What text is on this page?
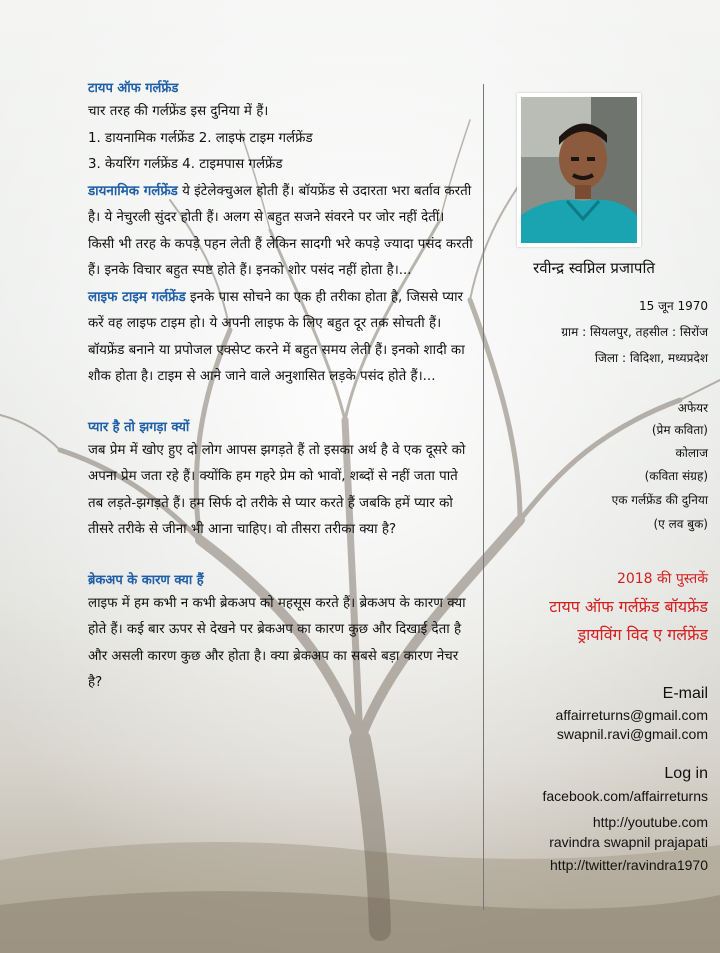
टायप ऑफ गर्लफ्रेंड

चार तरह की गर्लफ्रेंड इस दुनिया में हैं।

1. डायनामिक गर्लफ्रेंड 2. लाइफ टाइम गर्लफ्रेंड

3. केयरिंग गर्लफ्रेंड 4. टाइमपास गर्लफ्रेंड

डायनामिक गर्लफ्रेंड ये इंटेलेक्चुअल होती हैं। बॉयफ्रेंड से उदारता भरा बर्ताव करती है। ये नेचुरली सुंदर होती हैं। अलग से बहुत सजने संवरने पर जोर नहीं देतीं। किसी भी तरह के कपड़े पहन लेती हैं लेकिन सादगी भरे कपड़े ज्यादा पसंद करती हैं। इनके विचार बहुत स्पष्ट होते हैं। इनको शोर पसंद नहीं होता है।...

लाइफ टाइम गर्लफ्रेंड इनके पास सोचने का एक ही तरीका होता है, जिससे प्यार करें वह लाइफ टाइम हो। ये अपनी लाइफ के लिए बहुत दूर तक सोचती हैं। बॉयफ्रेंड बनाने या प्रपोजल एक्सेप्ट करने में बहुत समय लेती हैं। इनको शादी का शौक होता है। टाइम से आने जाने वाले अनुशासित लड़के पसंद होते हैं।...

प्यार है तो झगड़ा क्यों

जब प्रेम में खोए हुए दो लोग आपस झगड़ते हैं तो इसका अर्थ है वे एक दूसरे को अपना प्रेम जता रहे हैं। क्योंकि हम गहरे प्रेम को भावों, शब्दों से नहीं जता पाते तब लड़ते-झगड़ते हैं। हम सिर्फ दो तरीके से प्यार करते हैं जबकि हमें प्यार को तीसरे तरीके से जीना भी आना चाहिए। वो तीसरा तरीका क्या है?

ब्रेकअप के कारण क्या हैं

लाइफ में हम कभी न कभी ब्रेकअप को महसूस करते हैं। ब्रेकअप के कारण क्या होते हैं। कई बार ऊपर से देखने पर ब्रेकअप का कारण कुछ और दिखाई देता है और असली कारण कुछ और होता है। क्या ब्रेकअप का सबसे बड़ा कारण नेचर है?

रवीन्द्र स्वप्निल प्रजापति
15 जून 1970
ग्राम : सियलपुर, तहसील : सिरोंज
जिला : विदिशा, मध्यप्रदेश
अफेयर
(प्रेम कविता)
कोलाज
(कविता संग्रह)
एक गर्लफ्रेंड की दुनिया
(ए लव बुक)
2018 की पुस्तकें
टायप ऑफ गर्लफ्रेंड बॉयफ्रेंड
ड्रायविंग विद ए गर्लफ्रेंड
E-mail
affairreturns@gmail.com
swapnil.ravi@gmail.com
Log in
facebook.com/affairreturns
http://youtube.com
ravindra swapnil prajapati
http://twitter/ravindra1970
